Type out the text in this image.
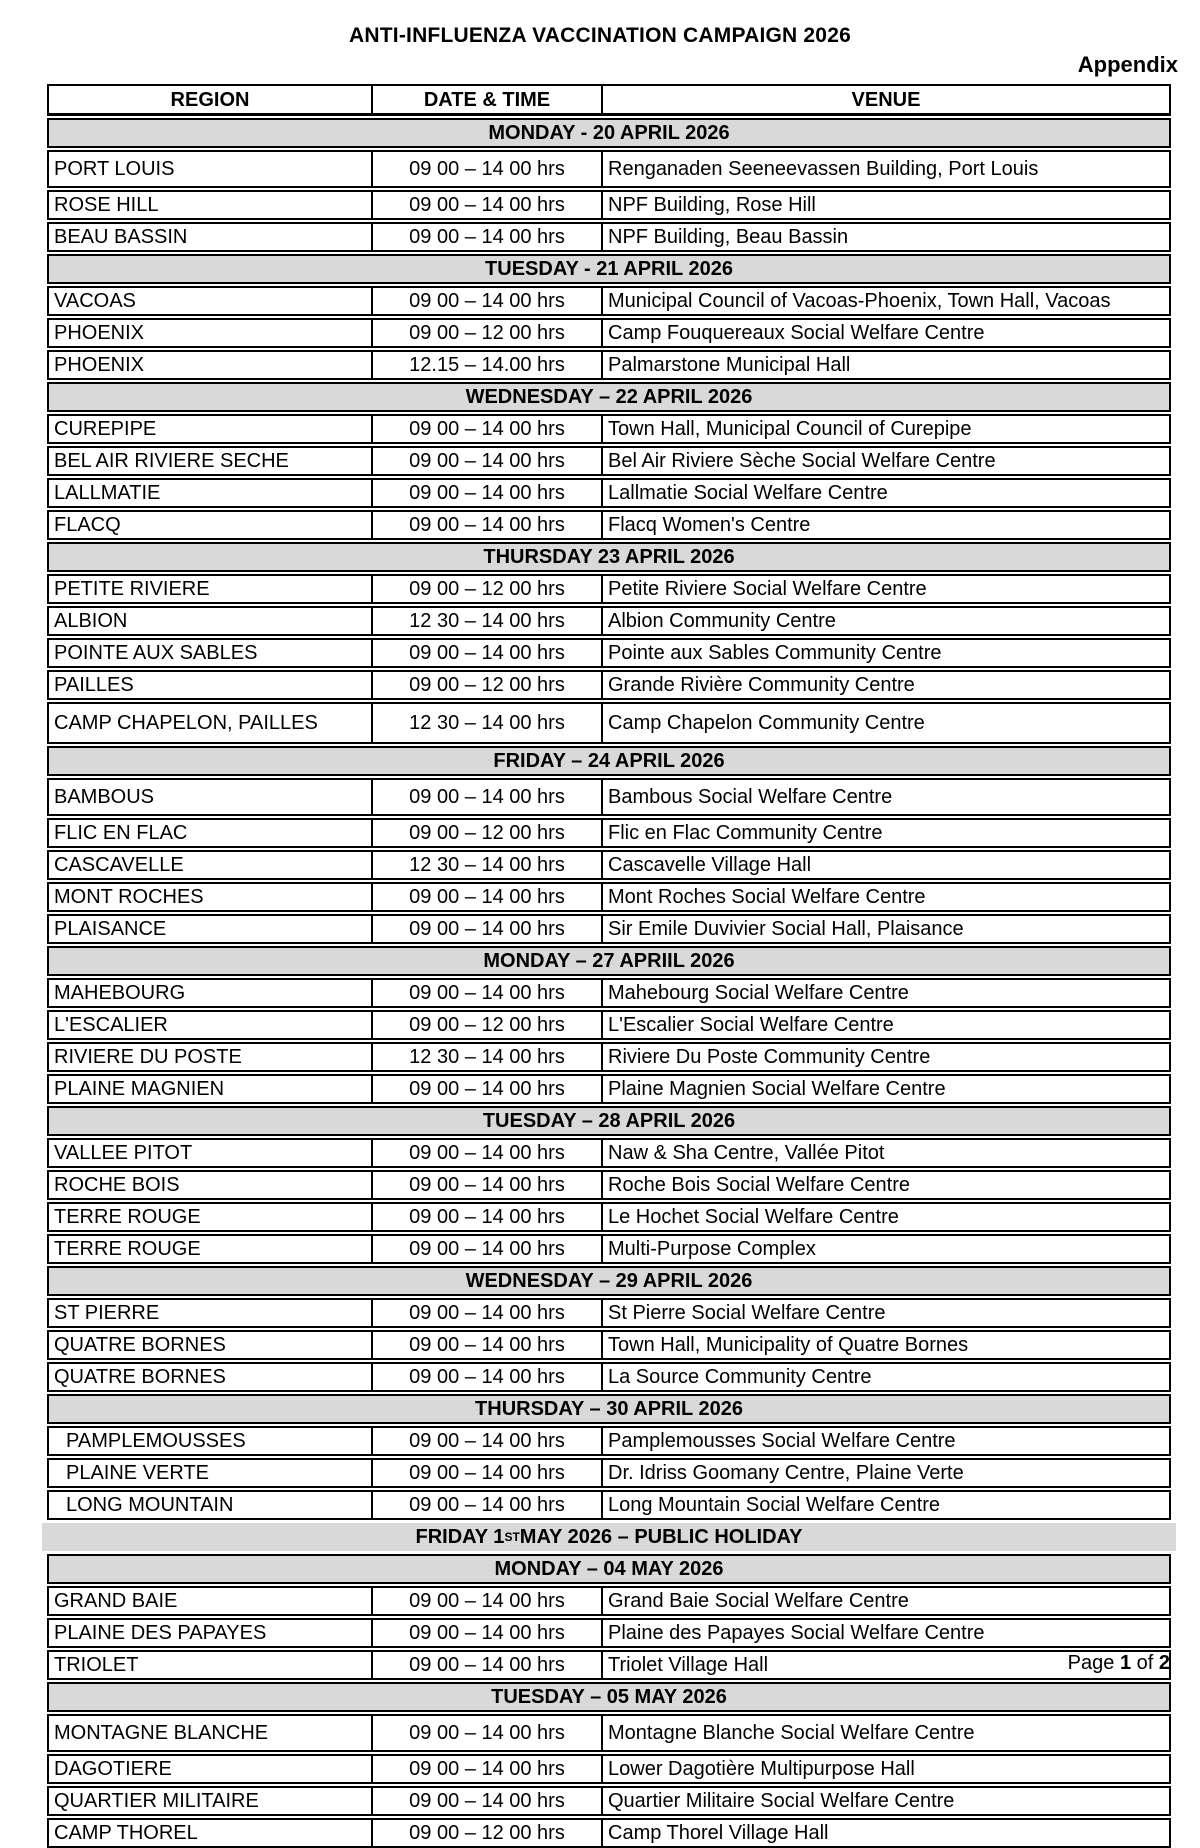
ANTI-INFLUENZA VACCINATION CAMPAIGN 2026
Appendix
REGION	DATE & TIME	VENUE
MONDAY - 20 APRIL 2026
PORT LOUIS	09 00 – 14 00 hrs	Renganaden Seeneevassen Building, Port Louis
ROSE HILL	09 00 – 14 00 hrs	NPF Building, Rose Hill
BEAU BASSIN	09 00 – 14 00 hrs	NPF Building, Beau Bassin
TUESDAY - 21 APRIL 2026
VACOAS	09 00 – 14 00 hrs	Municipal Council of Vacoas-Phoenix, Town Hall, Vacoas
PHOENIX	09 00 – 12 00 hrs	Camp Fouquereaux Social Welfare Centre
PHOENIX	12.15 – 14.00 hrs	Palmarstone Municipal Hall
WEDNESDAY – 22 APRIL 2026
CUREPIPE	09 00 – 14 00 hrs	Town Hall, Municipal Council of Curepipe
BEL AIR RIVIERE SECHE	09 00 – 14 00 hrs	Bel Air Riviere Sèche Social Welfare Centre
LALLMATIE	09 00 – 14 00 hrs	Lallmatie Social Welfare Centre
FLACQ	09 00 – 14 00 hrs	Flacq Women's Centre
THURSDAY 23 APRIL 2026
PETITE RIVIERE	09 00 – 12 00 hrs	Petite Riviere Social Welfare Centre
ALBION	12 30 – 14 00 hrs	Albion Community Centre
POINTE AUX SABLES	09 00 – 14 00 hrs	Pointe aux Sables Community Centre
PAILLES	09 00 – 12 00 hrs	Grande Rivière Community Centre
CAMP CHAPELON, PAILLES	12 30 – 14 00 hrs	Camp Chapelon Community Centre
FRIDAY – 24 APRIL 2026
BAMBOUS	09 00 – 14 00 hrs	Bambous Social Welfare Centre
FLIC EN FLAC	09 00 – 12 00 hrs	Flic en Flac Community Centre
CASCAVELLE	12 30 – 14 00 hrs	Cascavelle Village Hall
MONT ROCHES	09 00 – 14 00 hrs	Mont Roches Social Welfare Centre
PLAISANCE	09 00 – 14 00 hrs	Sir Emile Duvivier Social Hall, Plaisance
MONDAY – 27 APRIIL 2026
MAHEBOURG	09 00 – 14 00 hrs	Mahebourg Social Welfare Centre
L'ESCALIER	09 00 – 12 00 hrs	L'Escalier Social Welfare Centre
RIVIERE DU POSTE	12 30 – 14 00 hrs	Riviere Du Poste Community Centre
PLAINE MAGNIEN	09 00 – 14 00 hrs	Plaine Magnien Social Welfare Centre
TUESDAY – 28 APRIL 2026
VALLEE PITOT	09 00 – 14 00 hrs	Naw & Sha Centre, Vallée Pitot
ROCHE BOIS	09 00 – 14 00 hrs	Roche Bois Social Welfare Centre
TERRE ROUGE	09 00 – 14 00 hrs	Le Hochet Social Welfare Centre
TERRE ROUGE	09 00 – 14 00 hrs	Multi-Purpose Complex
WEDNESDAY – 29 APRIL 2026
ST PIERRE	09 00 – 14 00 hrs	St Pierre Social Welfare Centre
QUATRE BORNES	09 00 – 14 00 hrs	Town Hall, Municipality of Quatre Bornes
QUATRE BORNES	09 00 – 14 00 hrs	La Source Community Centre
THURSDAY – 30 APRIL 2026
PAMPLEMOUSSES	09 00 – 14 00 hrs	Pamplemousses Social Welfare Centre
PLAINE VERTE	09 00 – 14 00 hrs	Dr. Idriss Goomany Centre, Plaine Verte
LONG MOUNTAIN	09 00 – 14 00 hrs	Long Mountain Social Welfare Centre
FRIDAY 1 ST MAY 2026 – PUBLIC HOLIDAY
MONDAY – 04 MAY 2026
GRAND BAIE	09 00 – 14 00 hrs	Grand Baie Social Welfare Centre
PLAINE DES PAPAYES	09 00 – 14 00 hrs	Plaine des Papayes Social Welfare Centre
TRIOLET	09 00 – 14 00 hrs	Triolet Village Hall
TUESDAY – 05 MAY 2026
MONTAGNE BLANCHE	09 00 – 14 00 hrs	Montagne Blanche Social Welfare Centre
DAGOTIERE	09 00 – 14 00 hrs	Lower Dagotière Multipurpose Hall
QUARTIER MILITAIRE	09 00 – 14 00 hrs	Quartier Militaire Social Welfare Centre
CAMP THOREL	09 00 – 12 00 hrs	Camp Thorel Village Hall
Page 1 of 2
